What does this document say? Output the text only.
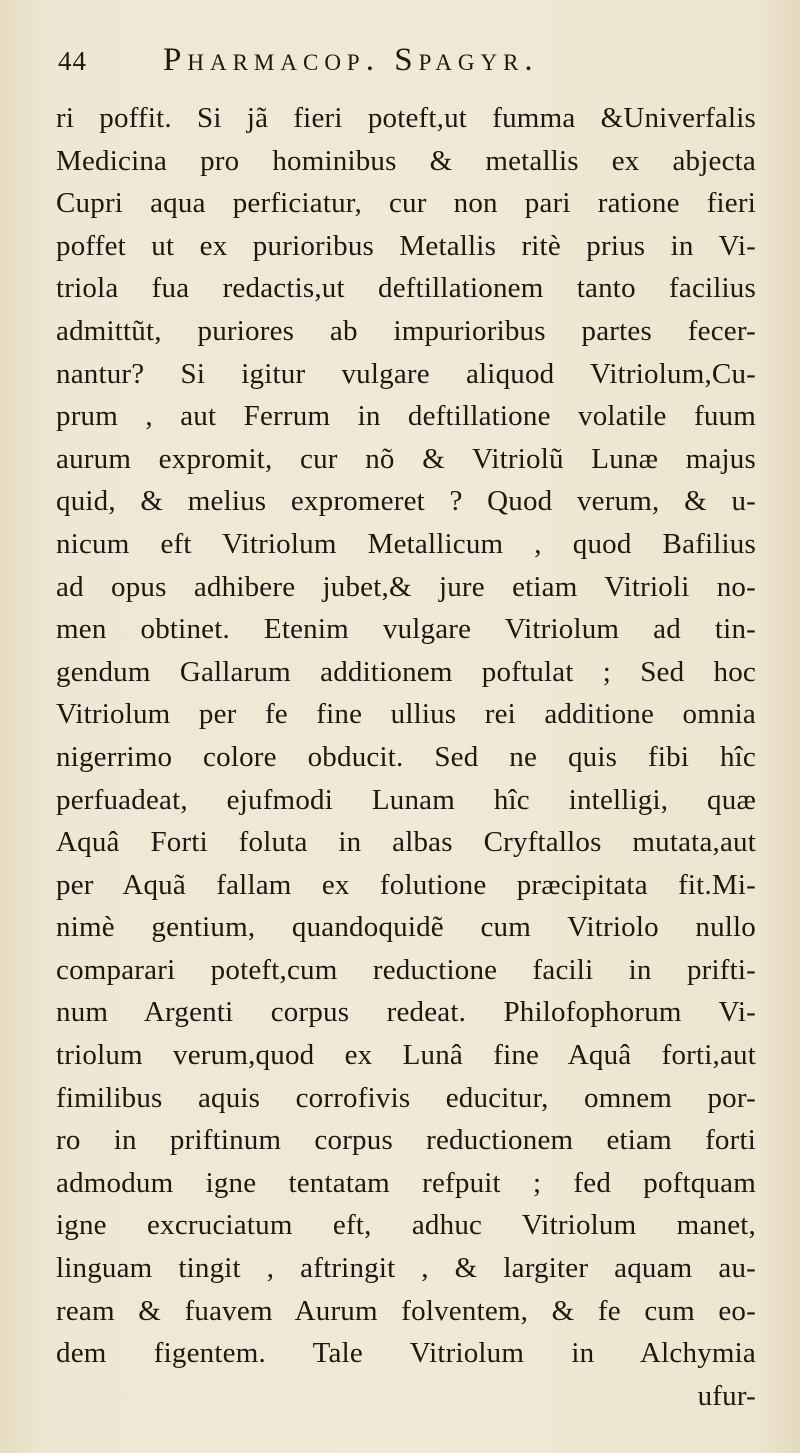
44 Pharmacop. Spagyr.
ri poffit. Si jã fieri poteft,ut fumma &Univerfalis
Medicina pro hominibus & metallis ex abjecta
Cupri aqua perficiatur, cur non pari ratione fieri
poffet ut ex purioribus Metallis ritè prius in Vi-
triola fua redactis,ut deftillationem tanto facilius
admittũt, puriores ab impurioribus partes fecer-
nantur? Si igitur vulgare aliquod Vitriolum,Cu-
prum , aut Ferrum in deftillatione volatile fuum
aurum expromit, cur nõ & Vitriolũ Lunæ majus
quid, & melius expromeret ? Quod verum, & u-
nicum eft Vitriolum Metallicum , quod Bafilius
ad opus adhibere jubet,& jure etiam Vitrioli no-
men obtinet. Etenim vulgare Vitriolum ad tin-
gendum Gallarum additionem poftulat ; Sed hoc
Vitriolum per fe fine ullius rei additione omnia
nigerrimo colore obducit. Sed ne quis fibi hîc
perfuadeat, ejufmodi Lunam hîc intelligi, quæ
Aquâ Forti foluta in albas Cryftallos mutata,aut
per Aquã fallam ex folutione præcipitata fit.Mi-
nimè gentium, quandoquidẽ cum Vitriolo nullo
comparari poteft,cum reductione facili in prifti-
num Argenti corpus redeat. Philofophorum Vi-
triolum verum,quod ex Lunâ fine Aquâ forti,aut
fimilibus aquis corrofivis educitur, omnem por-
ro in priftinum corpus reductionem etiam forti
admodum igne tentatam refpuit ; fed poftquam
igne excruciatum eft, adhuc Vitriolum manet,
linguam tingit , aftringit , & largiter aquam au-
ream & fuavem Aurum folventem, & fe cum eo-
dem figentem. Tale Vitriolum in Alchymia
ufur-
